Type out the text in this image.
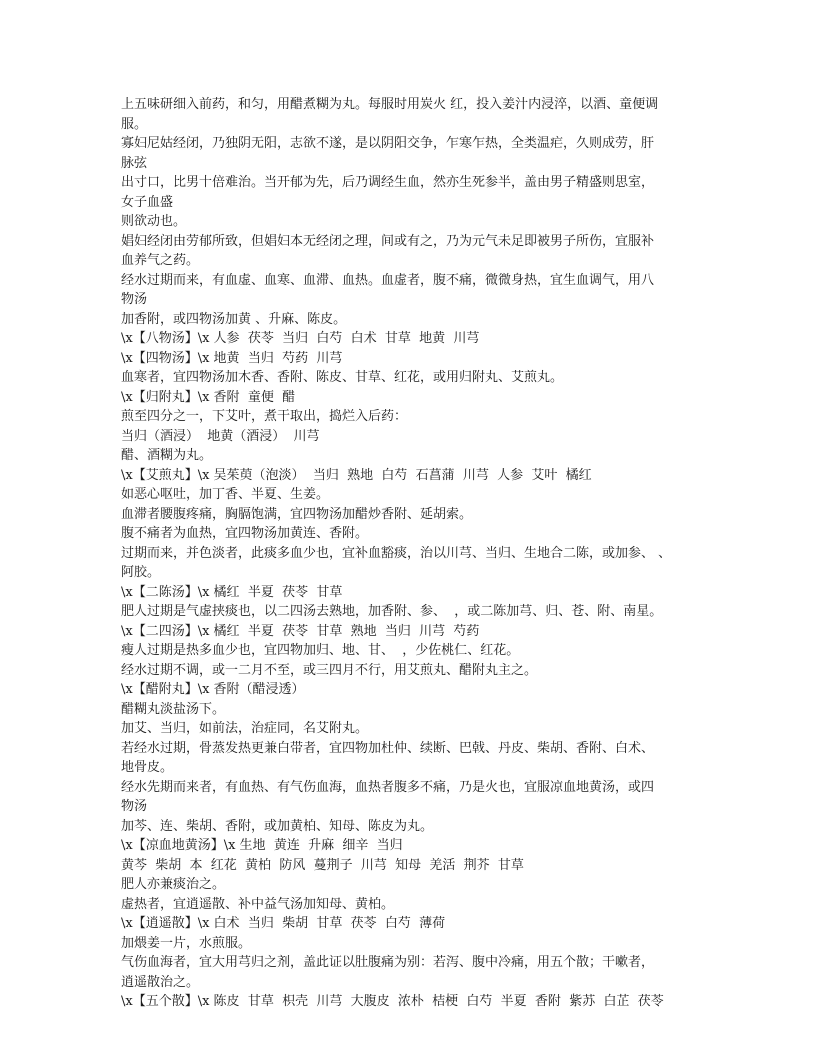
上五味研细入前药，和匀，用醋煮糊为丸。每服时用炭火 红，投入姜汁内浸淬，以酒、童便调
服。
寡妇尼姑经闭，乃独阴无阳，志欲不遂，是以阴阳交争，乍寒乍热，全类温疟，久则成劳，肝
脉弦
出寸口，比男十倍难治。当开郁为先，后乃调经生血，然亦生死参半，盖由男子精盛则思室，
女子血盛
则欲动也。
娼妇经闭由劳郁所致，但娼妇本无经闭之理，间或有之，乃为元气未足即被男子所伤，宜服补
血养气之药。
经水过期而来，有血虚、血寒、血滞、血热。血虚者，腹不痛，微微身热，宜生血调气，用八
物汤
加香附，或四物汤加黄 、升麻、陈皮。
\x【八物汤】\x 人参  茯苓  当归  白芍  白术  甘草  地黄  川芎
\x【四物汤】\x 地黄  当归  芍药  川芎
血寒者，宜四物汤加木香、香附、陈皮、甘草、红花，或用归附丸、艾煎丸。
\x【归附丸】\x 香附  童便  醋
煎至四分之一，下艾叶，煮干取出，捣烂入后药：
当归（酒浸）  地黄（酒浸）  川芎
醋、酒糊为丸。
\x【艾煎丸】\x 吴茱萸（泡淡）  当归  熟地  白芍  石菖蒲  川芎  人参  艾叶  橘红
如恶心呕吐，加丁香、半夏、生姜。
血滞者腰腹疼痛，胸膈饱满，宜四物汤加醋炒香附、延胡索。
腹不痛者为血热，宜四物汤加黄连、香附。
过期而来，并色淡者，此痰多血少也，宜补血豁痰，治以川芎、当归、生地合二陈，或加参、 、
阿胶。
\x【二陈汤】\x 橘红  半夏  茯苓  甘草
肥人过期是气虚挟痰也，以二四汤去熟地，加香附、参、  ，或二陈加芎、归、苍、附、南星。
\x【二四汤】\x 橘红  半夏  茯苓  甘草  熟地  当归  川芎  芍药
瘦人过期是热多血少也，宜四物加归、地、甘、  ，少佐桃仁、红花。
经水过期不调，或一二月不至，或三四月不行，用艾煎丸、醋附丸主之。
\x【醋附丸】\x 香附（醋浸透）
醋糊丸淡盐汤下。
加艾、当归，如前法，治症同，名艾附丸。
若经水过期，骨蒸发热更兼白带者，宜四物加杜仲、续断、巴戟、丹皮、柴胡、香附、白术、
地骨皮。
经水先期而来者，有血热、有气伤血海，血热者腹多不痛，乃是火也，宜服凉血地黄汤，或四
物汤
加芩、连、柴胡、香附，或加黄柏、知母、陈皮为丸。
\x【凉血地黄汤】\x 生地  黄连  升麻  细辛  当归
黄芩  柴胡  本  红花  黄柏  防风  蔓荆子  川芎  知母  羌活  荆芥  甘草
肥人亦兼痰治之。
虚热者，宜逍遥散、补中益气汤加知母、黄柏。
\x【逍遥散】\x 白术  当归  柴胡  甘草  茯苓  白芍  薄荷
加煨姜一片，水煎服。
气伤血海者，宜大用芎归之剂，盖此证以肚腹痛为别：若泻、腹中冷痛，用五个散；干嗽者，
逍遥散治之。
\x【五个散】\x 陈皮  甘草  枳壳  川芎  大腹皮  浓朴  桔梗  白芍  半夏  香附  紫苏  白芷  茯苓
